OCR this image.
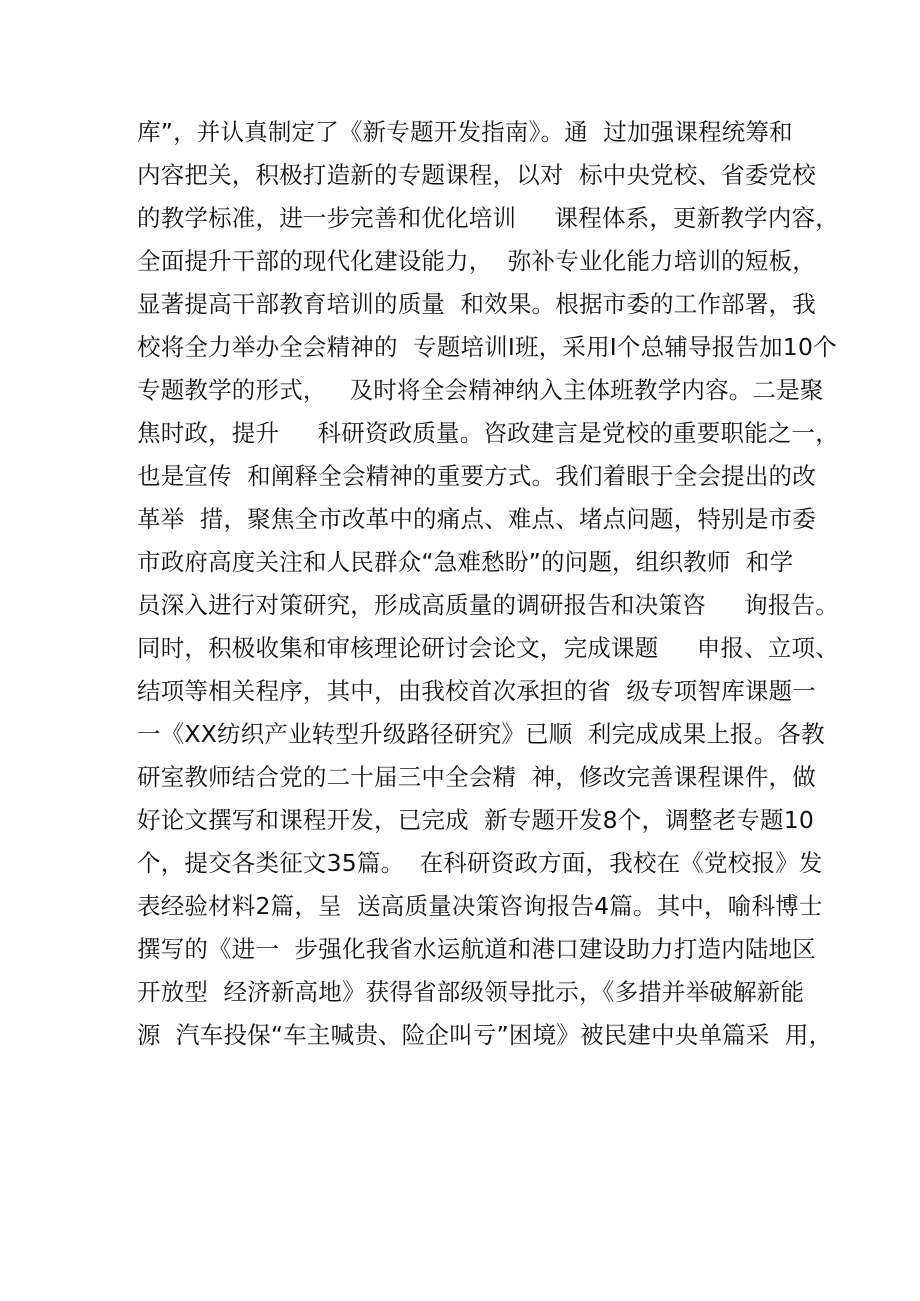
库”，并认真制定了《新专题开发指南》。通  过加强课程统筹和
内容把关，积极打造新的专题课程，以对  标中央党校、省委党校
的教学标准，进一步完善和优化培训     课程体系，更新教学内容，
全面提升干部的现代化建设能力，  弥补专业化能力培训的短板，
显著提高干部教育培训的质量  和效果。根据市委的工作部署，我
校将全力举办全会精神的  专题培训I班，采用I个总辅导报告加10个
专题教学的形式，   及时将全会精神纳入主体班教学内容。二是聚
焦时政，提升     科研资政质量。咨政建言是党校的重要职能之一，
也是宣传  和阐释全会精神的重要方式。我们着眼于全会提出的改
革举  措，聚焦全市改革中的痛点、难点、堵点问题，特别是市委
市政府高度关注和人民群众“急难愁盼”的问题，组织教师  和学
员深入进行对策研究，形成高质量的调研报告和决策咨     询报告。
同时，积极收集和审核理论研讨会论文，完成课题     申报、立项、
结项等相关程序，其中，由我校首次承担的省  级专项智库课题一
一《XX纺织产业转型升级路径研究》已顺  利完成成果上报。各教
研室教师结合党的二十届三中全会精  神，修改完善课程课件，做
好论文撰写和课程开发，已完成  新专题开发8个，调整老专题10
个，提交各类征文35篇。  在科研资政方面，我校在《党校报》发
表经验材料2篇，呈  送高质量决策咨询报告4篇。其中，喻科博士
撰写的《进一  步强化我省水运航道和港口建设助力打造内陆地区
开放型  经济新高地》获得省部级领导批示，《多措并举破解新能
源  汽车投保“车主喊贵、险企叫亏”困境》被民建中央单篇采  用，
